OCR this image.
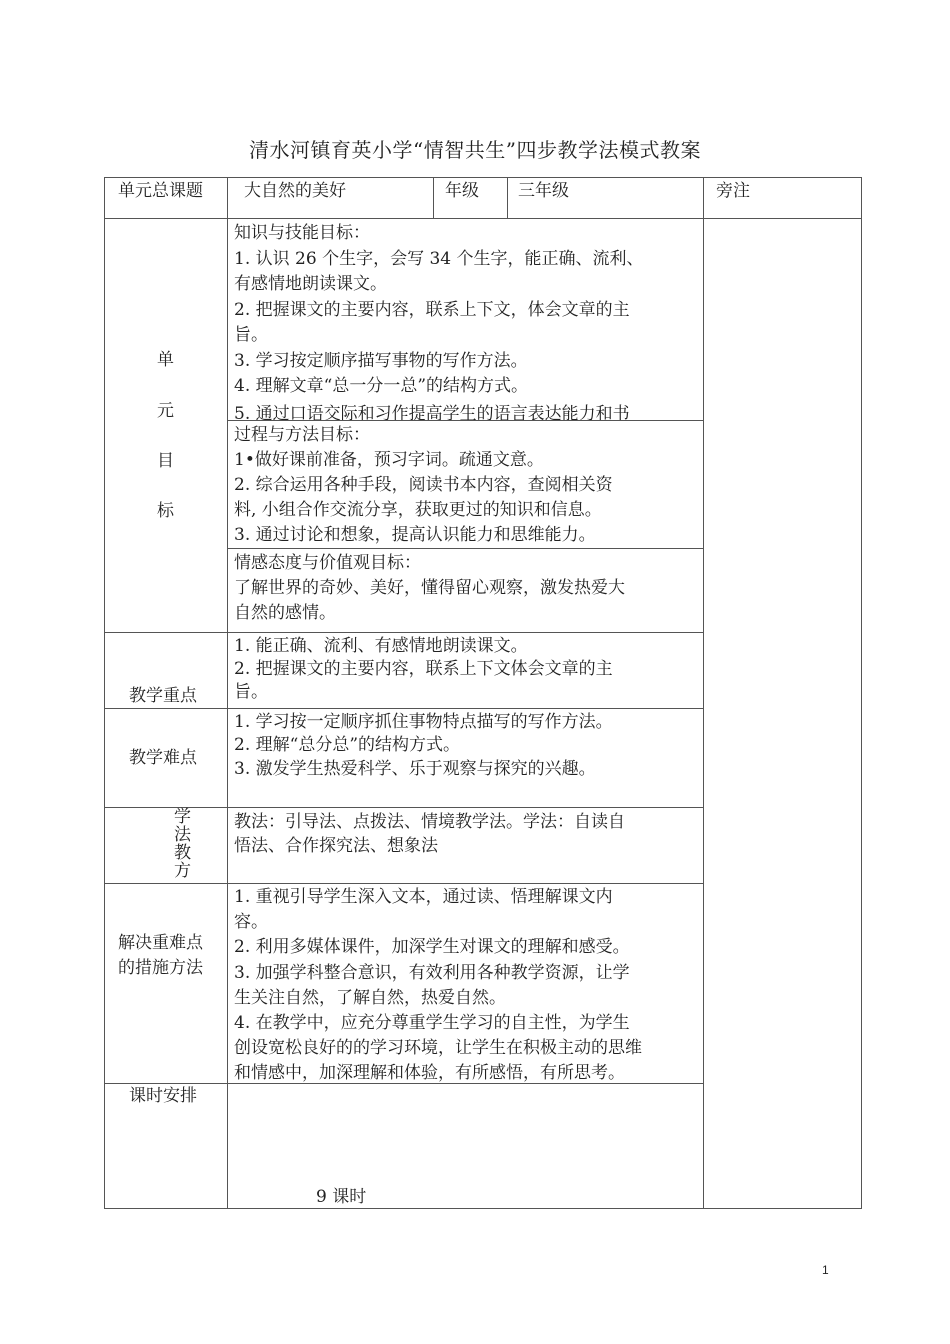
清水河镇育英小学“情智共生”四步教学法模式教案
单元总课题 大自然的美好	年级 三年级	旁注
单
元
目
标
知识与技能目标：
1. 认识 26 个生字，会写 34 个生字，能正确、流利、
有感情地朗读课文。
2. 把握课文的主要内容，联系上下文，体会文章的主
旨。
3. 学习按定顺序描写事物的写作方法。
4. 理解文章“总一分一总”的结构方式。
5. 通过口语交际和习作提高学生的语言表达能力和书
过程与方法目标：
1•做好课前准备，预习字词。疏通文意。
2. 综合运用各种手段，阅读书本内容，查阅相关资
料, 小组合作交流分享，获取更过的知识和信息。
3. 通过讨论和想象，提高认识能力和思维能力。
情感态度与价值观目标：
了解世界的奇妙、美好，懂得留心观察，激发热爱大
自然的感情。
教学重点
1. 能正确、流利、有感情地朗读课文。
2. 把握课文的主要内容，联系上下文体会文章的主
旨。
教学难点
1. 学习按一定顺序抓住事物特点描写的写作方法。
2. 理解“总分总”的结构方式。
3. 激发学生热爱科学、乐于观察与探究的兴趣。
学
法
教
方
教法：引导法、点拨法、情境教学法。学法：自读自
悟法、合作探究法、想象法
解决重难点
的措施方法
1. 重视引导学生深入文本，通过读、悟理解课文内
容。
2. 利用多媒体课件，加深学生对课文的理解和感受。
3. 加强学科整合意识，有效利用各种教学资源，让学
生关注自然，了解自然，热爱自然。
4. 在教学中，应充分尊重学生学习的自主性，为学生
创设宽松良好的的学习环境，让学生在积极主动的思维
和情感中，加深理解和体验，有所感悟，有所思考。
课时安排
9 课时
1
